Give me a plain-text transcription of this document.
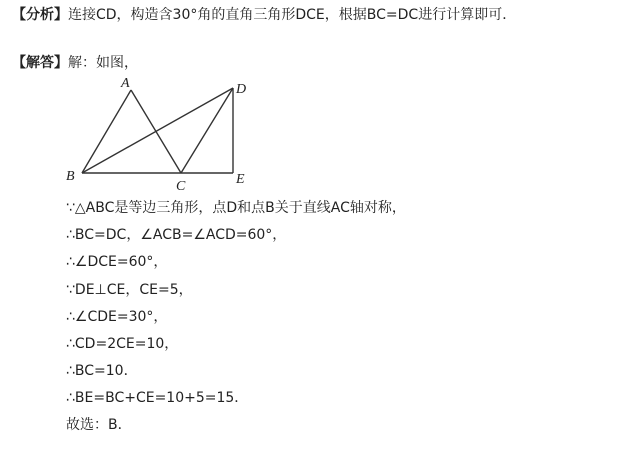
【分析】连接CD，构造含30°角的直角三角形DCE，根据BC=DC进行计算即可．
【解答】解：如图，
A
B
C
D
E
∵△ABC是等边三角形，点D和点B关于直线AC轴对称，
∴BC=DC，∠ACB=∠ACD=60°，
∴∠DCE=60°，
∵DE⊥CE，CE=5，
∴∠CDE=30°，
∴CD=2CE=10，
∴BC=10．
∴BE=BC+CE=10+5=15．
故选：B．
